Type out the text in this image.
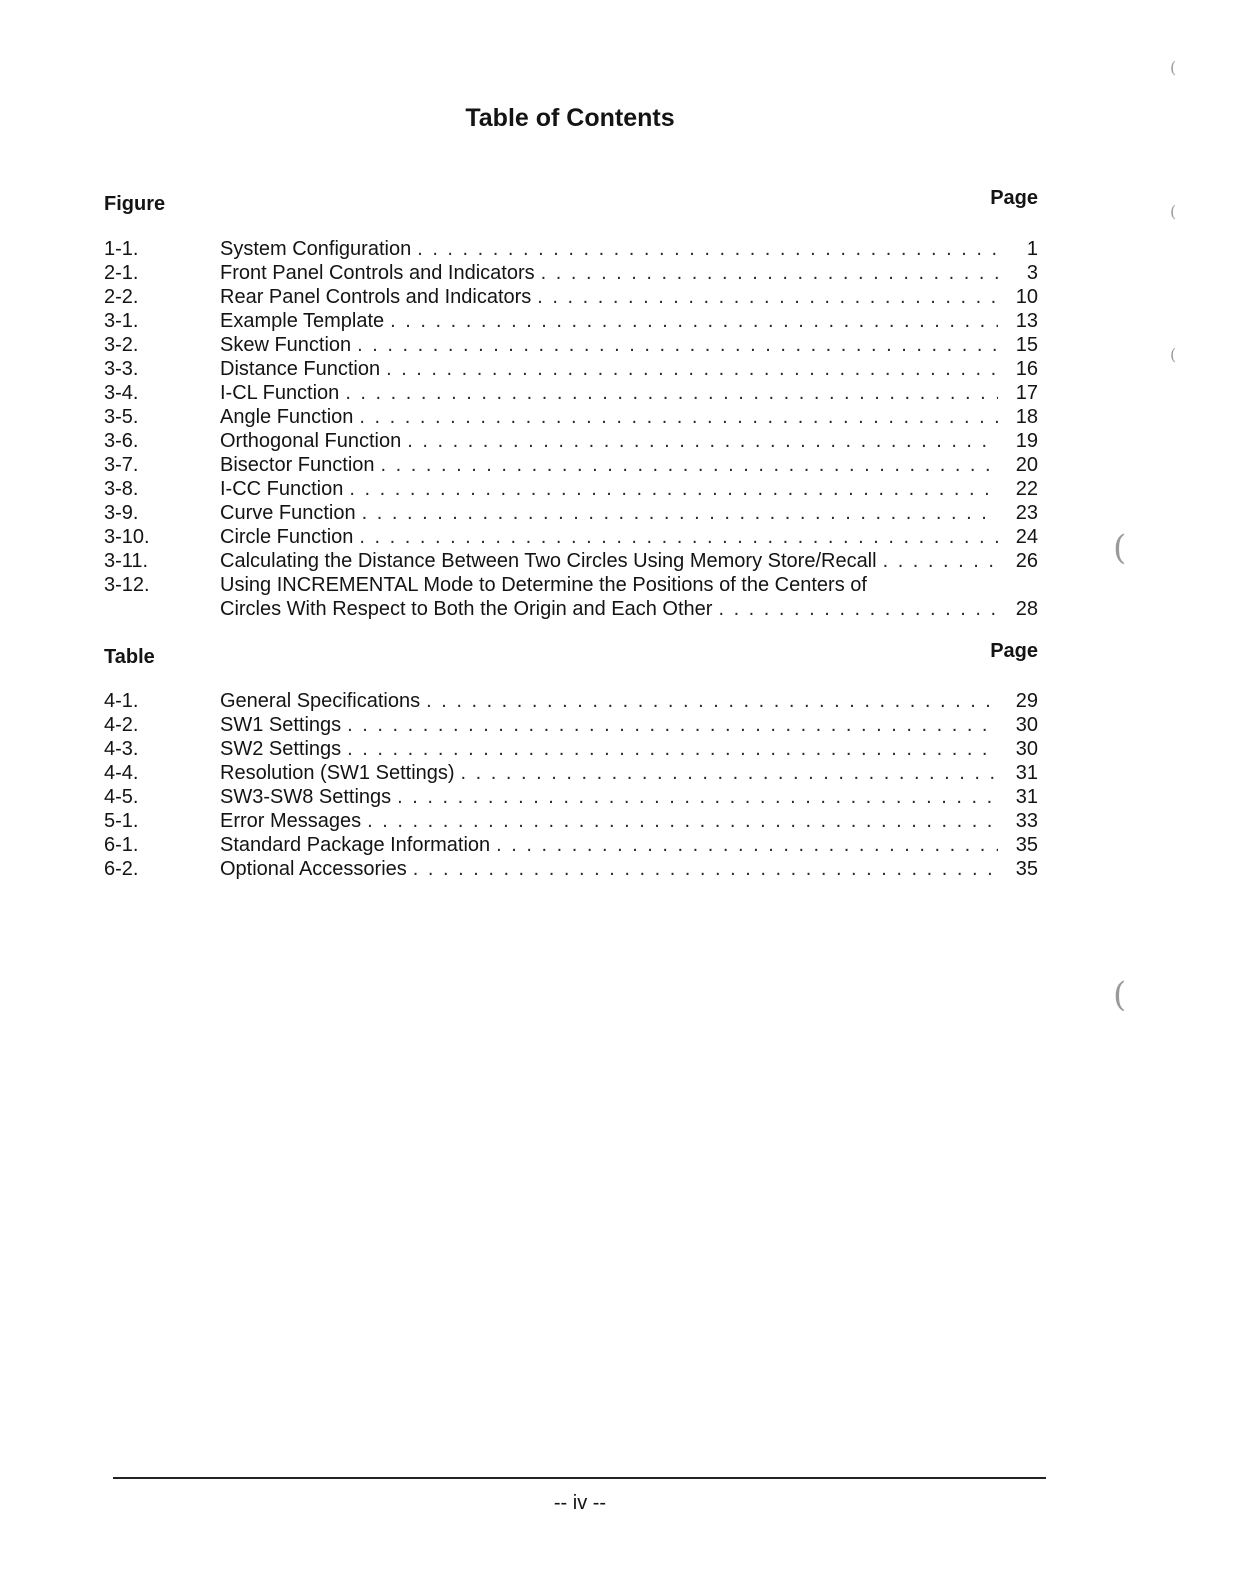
Table of Contents
Figure	Page
1-1.	System Configuration . . .	1
2-1.	Front Panel Controls and Indicators . . .	3
2-2.	Rear Panel Controls and Indicators . . .	10
3-1.	Example Template . . .	13
3-2.	Skew Function . . .	15
3-3.	Distance Function . . .	16
3-4.	I-CL Function . . .	17
3-5.	Angle Function . . .	18
3-6.	Orthogonal Function . . .	19
3-7.	Bisector Function . . .	20
3-8.	I-CC Function . . .	22
3-9.	Curve Function . . .	23
3-10.	Circle Function . . .	24
3-11.	Calculating the Distance Between Two Circles Using Memory Store/Recall . . .	26
3-12.	Using INCREMENTAL Mode to Determine the Positions of the Centers of
Circles With Respect to Both the Origin and Each Other . . .	28
Table	Page
4-1.	General Specifications . . .	29
4-2.	SW1 Settings . . .	30
4-3.	SW2 Settings . . .	30
4-4.	Resolution (SW1 Settings) . . .	31
4-5.	SW3-SW8 Settings . . .	31
5-1.	Error Messages . . .	33
6-1.	Standard Package Information . . .	35
6-2.	Optional Accessories . . .	35
(
(
(
(
(
-- iv --
